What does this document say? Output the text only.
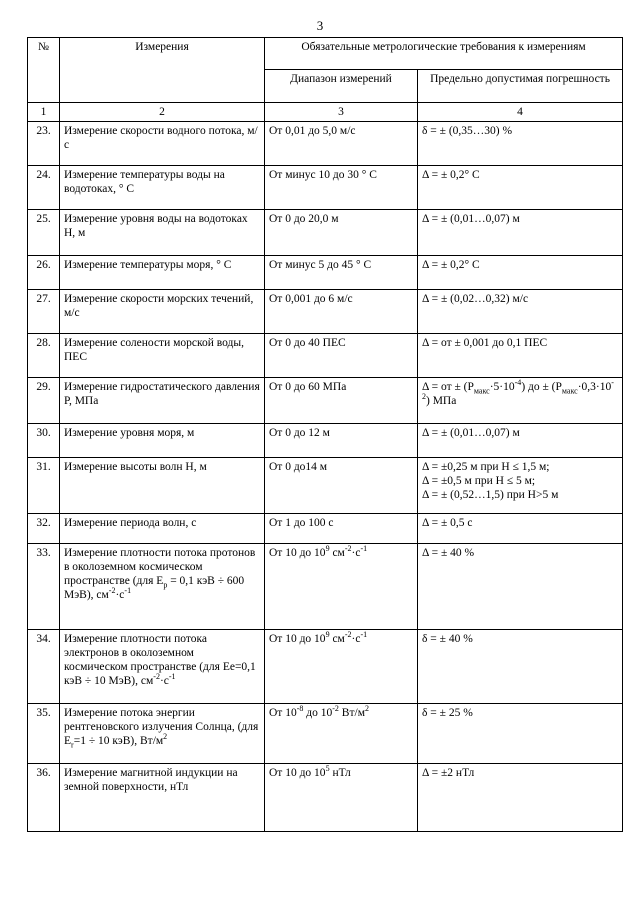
3
№	Измерения	Обязательные метрологические требования к измерениям	
		Диапазон измерений	Предельно допустимая погрешность
1	2	3	4
23.	Измерение скорости водного потока, м/с	От 0,01 до 5,0 м/с	δ = ± (0,35…30) %
24.	Измерение температуры воды на водотоках, ° С	От минус 10 до 30 ° С	Δ = ± 0,2° С
25.	Измерение уровня воды на водотоках Н, м	От 0 до 20,0 м	Δ = ± (0,01…0,07) м
26.	Измерение температуры моря, ° С	От минус 5 до 45 ° С	Δ = ± 0,2° С
27.	Измерение скорости морских течений, м/с	От 0,001 до 6 м/с	Δ = ± (0,02…0,32) м/с
28.	Измерение солености морской воды, ПЕС	От 0 до 40 ПЕС	Δ = от ± 0,001 до 0,1 ПЕС
29.	Измерение гидростатического давления Р, МПа	От 0 до 60 МПа	Δ = от ± $(Р_{макс}\cdot 5\cdot 10^{-4})$ до ± $(Р_{макс}\cdot 0,3\cdot 10^{-2})$ МПа
30.	Измерение уровня моря, м	От 0 до 12 м	Δ = ± (0,01…0,07) м
31.	Измерение высоты волн Н, м	От 0 до14 м	Δ = ±0,25 м при H ≤ 1,5 м;
Δ = ±0,5 м при H ≤ 5 м;
Δ = ± (0,52…1,5) при H>5 м
32.	Измерение периода волн, с	От 1 до 100 с	Δ = ± 0,5 с
33.	Измерение плотности потока протонов в околоземном космическом пространстве (для $Е_р = 0,1$ кэВ ÷ 600 МэВ), $см^{-2}\cdot с^{-1}$	От 10 до $10^9$ $см^{-2}\cdot с^{-1}$	Δ = ± 40 %
34.	Измерение плотности потока электронов в околоземном космическом пространстве (для Ее=0,1 кэВ ÷ 10 МэВ), $см^{-2}\cdot с^{-1}$	От 10 до $10^9$ $см^{-2}\cdot с^{-1}$	δ = ± 40 %
35.	Измерение потока энергии рентгеновского излучения Солнца, (для $Е_r=1 \div 10$ кэВ), $Вт/м^2$	От $10^{-8}$ до $10^{-2}$ $Вт/м^2$	δ = ± 25 %
36.	Измерение магнитной индукции на земной поверхности, нТл	От 10 до $10^5$ нТл	Δ = ±2 нТл
